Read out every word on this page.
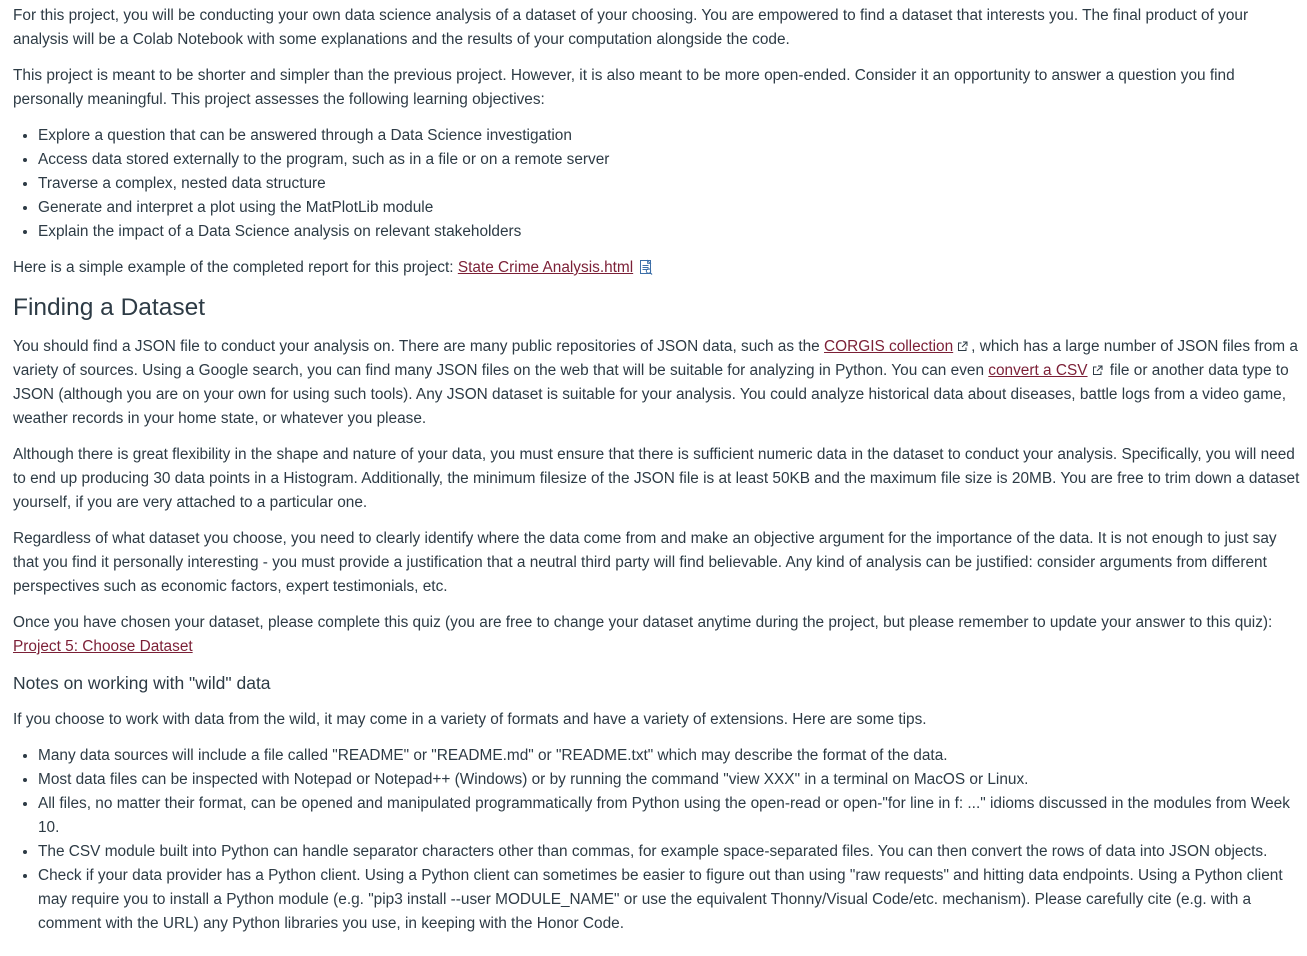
For this project, you will be conducting your own data science analysis of a dataset of your choosing. You are empowered to find a dataset that interests you. The final product of your analysis will be a Colab Notebook with some explanations and the results of your computation alongside the code.

This project is meant to be shorter and simpler than the previous project. However, it is also meant to be more open-ended. Consider it an opportunity to answer a question you find personally meaningful. This project assesses the following learning objectives:

• Explore a question that can be answered through a Data Science investigation
• Access data stored externally to the program, such as in a file or on a remote server
• Traverse a complex, nested data structure
• Generate and interpret a plot using the MatPlotLib module
• Explain the impact of a Data Science analysis on relevant stakeholders

Here is a simple example of the completed report for this project: State Crime Analysis.html

Finding a Dataset

You should find a JSON file to conduct your analysis on. There are many public repositories of JSON data, such as the CORGIS collection , which has a large number of JSON files from a variety of sources. Using a Google search, you can find many JSON files on the web that will be suitable for analyzing in Python. You can even convert a CSV file or another data type to JSON (although you are on your own for using such tools). Any JSON dataset is suitable for your analysis. You could analyze historical data about diseases, battle logs from a video game, weather records in your home state, or whatever you please.

Although there is great flexibility in the shape and nature of your data, you must ensure that there is sufficient numeric data in the dataset to conduct your analysis. Specifically, you will need to end up producing 30 data points in a Histogram. Additionally, the minimum filesize of the JSON file is at least 50KB and the maximum file size is 20MB. You are free to trim down a dataset yourself, if you are very attached to a particular one.

Regardless of what dataset you choose, you need to clearly identify where the data come from and make an objective argument for the importance of the data. It is not enough to just say that you find it personally interesting - you must provide a justification that a neutral third party will find believable. Any kind of analysis can be justified: consider arguments from different perspectives such as economic factors, expert testimonials, etc.

Once you have chosen your dataset, please complete this quiz (you are free to change your dataset anytime during the project, but please remember to update your answer to this quiz): Project 5: Choose Dataset

Notes on working with "wild" data

If you choose to work with data from the wild, it may come in a variety of formats and have a variety of extensions. Here are some tips.

• Many data sources will include a file called "README" or "README.md" or "README.txt" which may describe the format of the data.
• Most data files can be inspected with Notepad or Notepad++ (Windows) or by running the command "view XXX" in a terminal on MacOS or Linux.
• All files, no matter their format, can be opened and manipulated programmatically from Python using the open-read or open-"for line in f: ..." idioms discussed in the modules from Week 10.
• The CSV module built into Python can handle separator characters other than commas, for example space-separated files. You can then convert the rows of data into JSON objects.
• Check if your data provider has a Python client. Using a Python client can sometimes be easier to figure out than using "raw requests" and hitting data endpoints. Using a Python client may require you to install a Python module (e.g. "pip3 install --user MODULE_NAME" or use the equivalent Thonny/Visual Code/etc. mechanism). Please carefully cite (e.g. with a comment with the URL) any Python libraries you use, in keeping with the Honor Code.
